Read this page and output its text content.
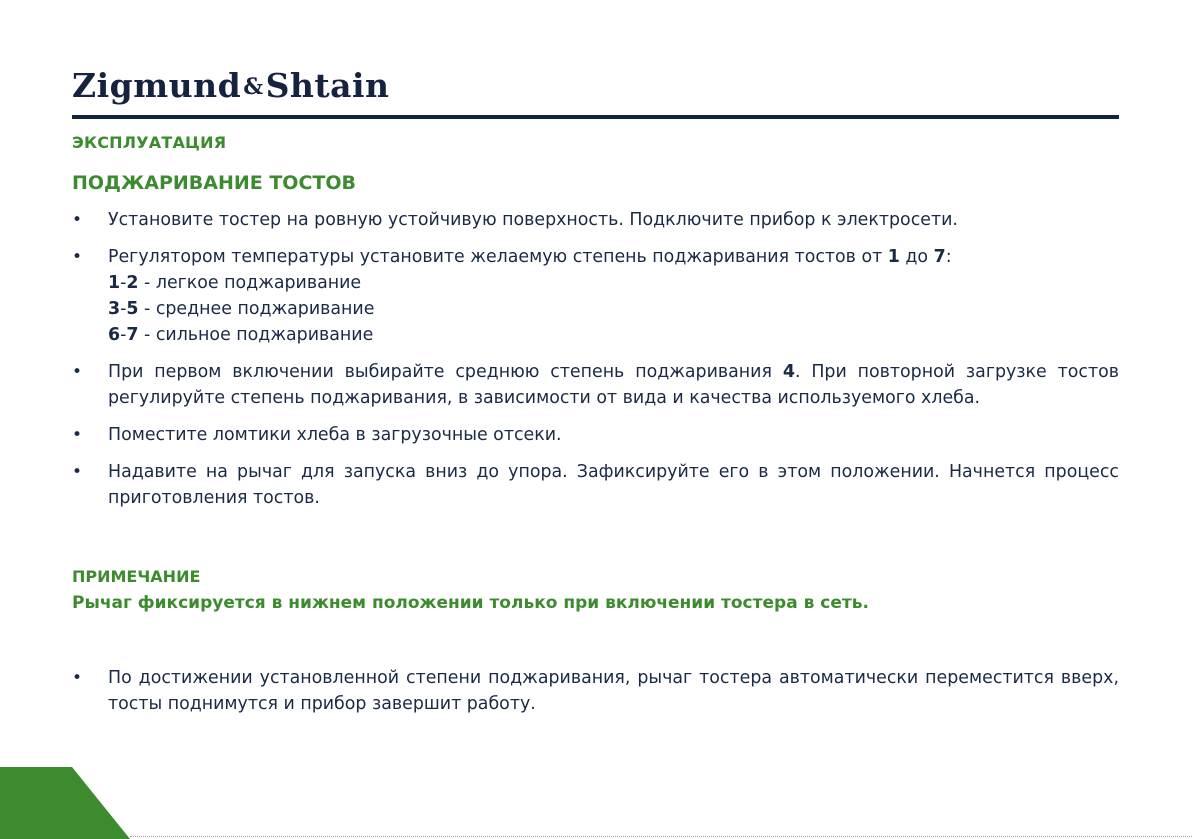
Zigmund&Shtain
ЭКСПЛУАТАЦИЯ
ПОДЖАРИВАНИЕ ТОСТОВ
• Установите тостер на ровную устойчивую поверхность. Подключите прибор к электросети.
• Регулятором температуры установите желаемую степень поджаривания тостов от 1 до 7:
1-2 - легкое поджаривание
3-5 - среднее поджаривание
6-7 - сильное поджаривание
• При первом включении выбирайте среднюю степень поджаривания 4. При повторной загрузке тостов регулируйте степень поджаривания, в зависимости от вида и качества используемого хлеба.
• Поместите ломтики хлеба в загрузочные отсеки.
• Надавите на рычаг для запуска вниз до упора. Зафиксируйте его в этом положении. Начнется процесс приготовления тостов.
ПРИМЕЧАНИЕ
Рычаг фиксируется в нижнем положении только при включении тостера в сеть.
• По достижении установленной степени поджаривания, рычаг тостера автоматически переместится вверх, тосты поднимутся и прибор завершит работу.
